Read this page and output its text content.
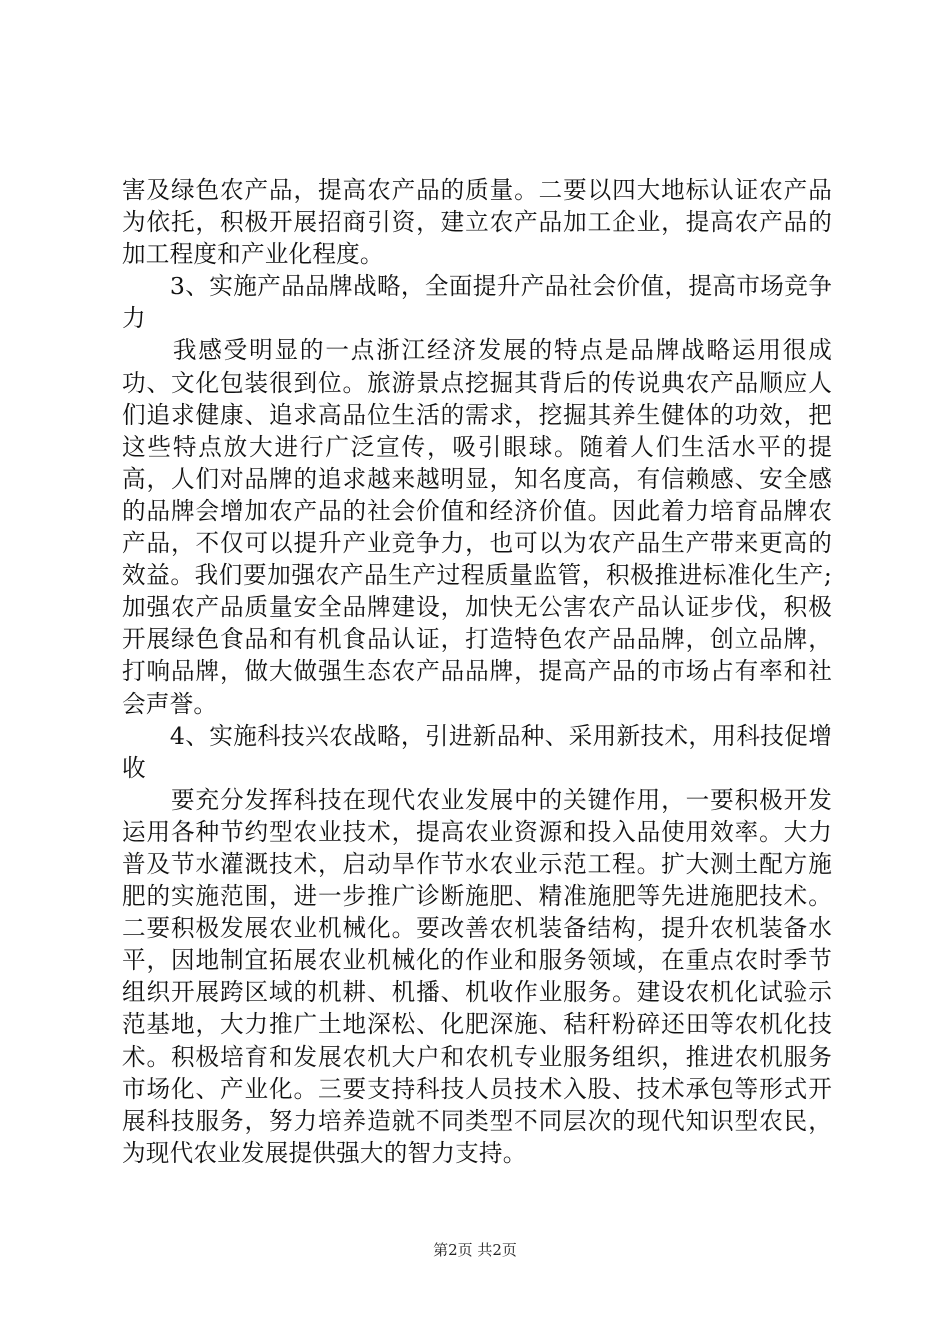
害及绿色农产品，提高农产品的质量。二要以四大地标认证农产品为依托，积极开展招商引资，建立农产品加工企业，提高农产品的加工程度和产业化程度。

　　3、实施产品品牌战略，全面提升产品社会价值，提高市场竞争力

　　我感受明显的一点浙江经济发展的特点是品牌战略运用很成功、文化包装很到位。旅游景点挖掘其背后的传说典农产品顺应人们追求健康、追求高品位生活的需求，挖掘其养生健体的功效，把这些特点放大进行广泛宣传，吸引眼球。随着人们生活水平的提高，人们对品牌的追求越来越明显，知名度高，有信赖感、安全感的品牌会增加农产品的社会价值和经济价值。因此着力培育品牌农产品，不仅可以提升产业竞争力，也可以为农产品生产带来更高的效益。我们要加强农产品生产过程质量监管，积极推进标准化生产;加强农产品质量安全品牌建设，加快无公害农产品认证步伐，积极开展绿色食品和有机食品认证，打造特色农产品品牌，创立品牌，打响品牌，做大做强生态农产品品牌，提高产品的市场占有率和社会声誉。

　　4、实施科技兴农战略，引进新品种、采用新技术，用科技促增收

　　要充分发挥科技在现代农业发展中的关键作用，一要积极开发运用各种节约型农业技术，提高农业资源和投入品使用效率。大力普及节水灌溉技术，启动旱作节水农业示范工程。扩大测土配方施肥的实施范围，进一步推广诊断施肥、精准施肥等先进施肥技术。二要积极发展农业机械化。要改善农机装备结构，提升农机装备水平，因地制宜拓展农业机械化的作业和服务领域，在重点农时季节组织开展跨区域的机耕、机播、机收作业服务。建设农机化试验示范基地，大力推广土地深松、化肥深施、秸秆粉碎还田等农机化技术。积极培育和发展农机大户和农机专业服务组织，推进农机服务市场化、产业化。三要支持科技人员技术入股、技术承包等形式开展科技服务，努力培养造就不同类型不同层次的现代知识型农民，为现代农业发展提供强大的智力支持。

第2页 共2页
